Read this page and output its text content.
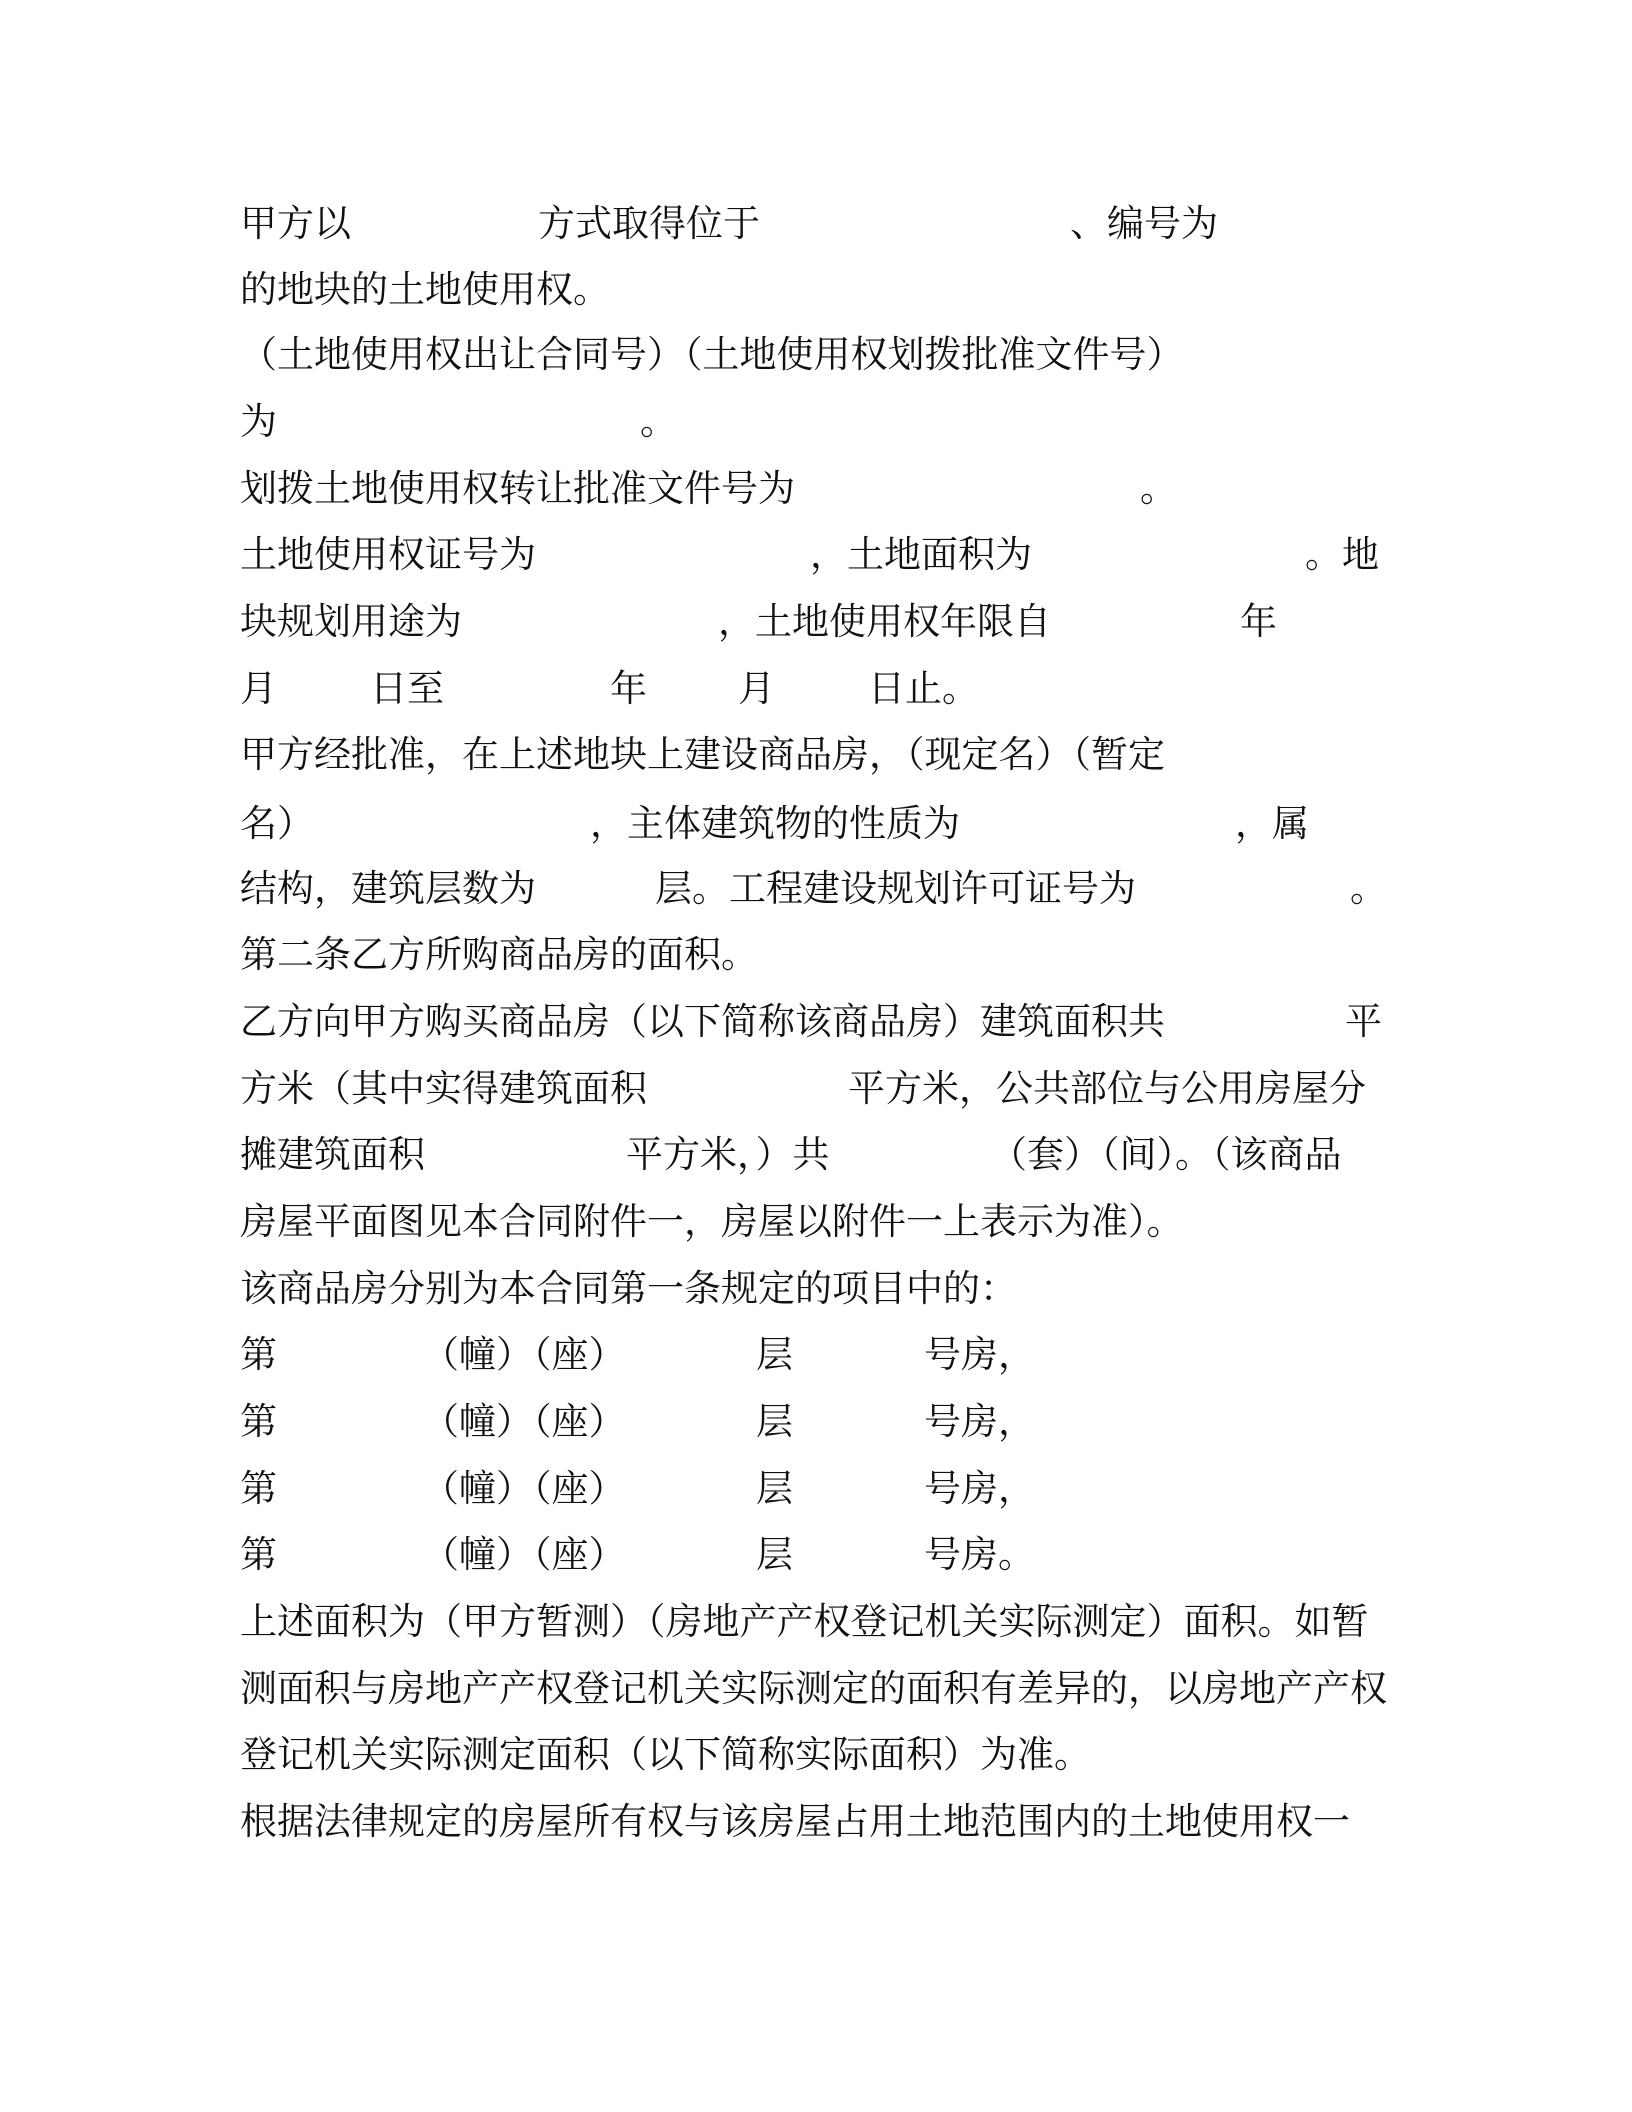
甲方以	方式取得位于	、编号为
的地块的土地使用权。
（土地使用权出让合同号）（土地使用权划拨批准文件号）
为	。
划拨土地使用权转让批准文件号为	。
土地使用权证号为	，土地面积为	。地
块规划用途为	，土地使用权年限自	年
月	日至	年 月	日止。
甲方经批准，在上述地块上建设商品房，（现定名）（暂定
名）	，主体建筑物的性质为	，属
结构，建筑层数为	层。工程建设规划许可证号为	。
第二条乙方所购商品房的面积。
乙方向甲方购买商品房（以下简称该商品房）建筑面积共	平
方米（其中实得建筑面积	平方米，公共部位与公用房屋分
摊建筑面积	平方米，）共	（套）（间）。（该商品
房屋平面图见本合同附件一，房屋以附件一上表示为准）。
该商品房分别为本合同第一条规定的项目中的：
第	（幢）（座）	层	号房，
第	（幢）（座）	层	号房，
第	（幢）（座）	层	号房，
第	（幢）（座）	层	号房。
上述面积为（甲方暂测）（房地产产权登记机关实际测定）面积。如暂
测面积与房地产产权登记机关实际测定的面积有差异的，以房地产产权
登记机关实际测定面积（以下简称实际面积）为准。
根据法律规定的房屋所有权与该房屋占用土地范围内的土地使用权一
